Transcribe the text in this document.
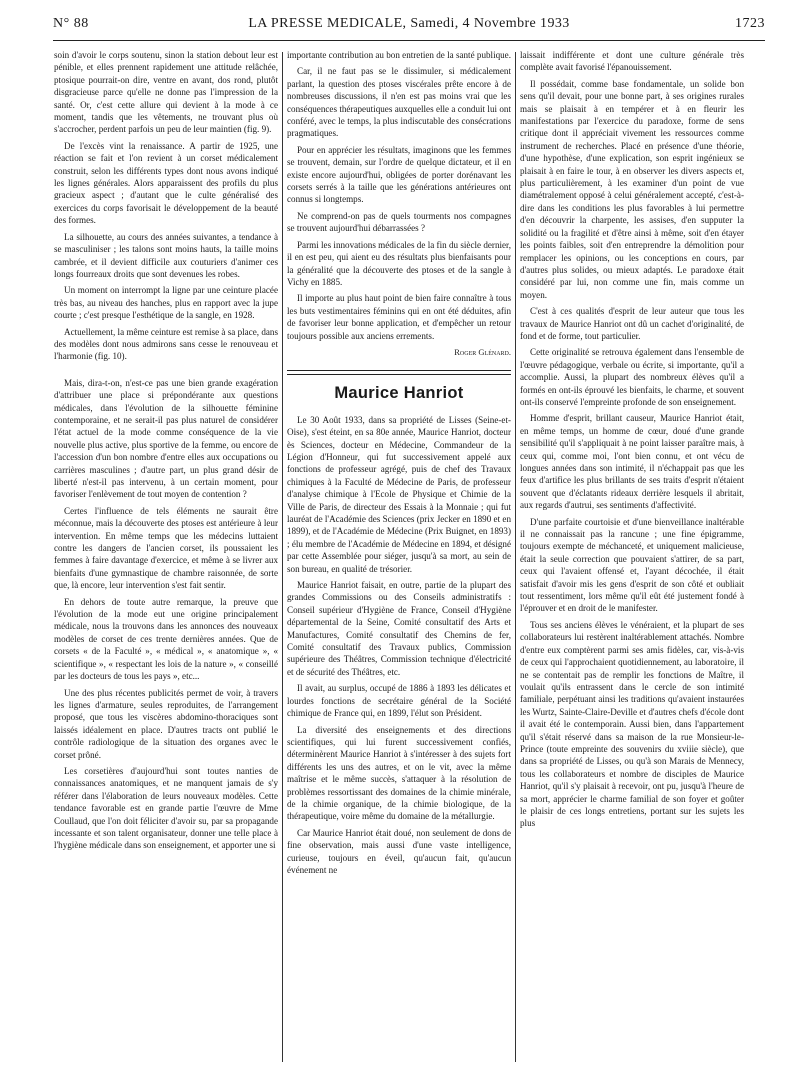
N° 88	LA PRESSE MEDICALE, Samedi, 4 Novembre 1933	1723

soin d'avoir le corps soutenu, sinon la station debout leur est pénible, et elles prennent rapidement une attitude relâchée, ptosique pourrait-on dire, ventre en avant, dos rond, plutôt disgracieuse parce qu'elle ne donne pas l'impression de la santé. Or, c'est cette allure qui devient à la mode à ce moment, tandis que les vêtements, ne trouvant plus où s'accrocher, perdent parfois un peu de leur maintien (fig. 9).

De l'excès vint la renaissance. A partir de 1925, une réaction se fait et l'on revient à un corset médicalement construit, selon les différents types dont nous avons indiqué les lignes générales. Alors apparaissent des profils du plus gracieux aspect ; d'autant que le culte généralisé des exercices du corps favorisait le développement de la beauté des formes.

La silhouette, au cours des années suivantes, a tendance à se masculiniser ; les talons sont moins hauts, la taille moins cambrée, et il devient difficile aux couturiers d'animer ces longs fourreaux droits que sont devenues les robes.

Un moment on interrompt la ligne par une ceinture placée très bas, au niveau des hanches, plus en rapport avec la jupe courte ; c'est presque l'esthétique de la sangle, en 1928.

Actuellement, la même ceinture est remise à sa place, dans des modèles dont nous admirons sans cesse le renouveau et l'harmonie (fig. 10).

Mais, dira-t-on, n'est-ce pas une bien grande exagération d'attribuer une place si prépondérante aux questions médicales, dans l'évolution de la silhouette féminine contemporaine, et ne serait-il pas plus naturel de considérer l'état actuel de la mode comme conséquence de la vie nouvelle plus active, plus sportive de la femme, ou encore de l'accession d'un bon nombre d'entre elles aux occupations ou carrières masculines ; d'autre part, un plus grand désir de liberté n'est-il pas intervenu, à un certain moment, pour favoriser l'enlèvement de tout moyen de contention ?

Certes l'influence de tels éléments ne saurait être méconnue, mais la découverte des ptoses est antérieure à leur intervention. En même temps que les médecins luttaient contre les dangers de l'ancien corset, ils poussaient les femmes à faire davantage d'exercice, et même à se livrer aux bienfaits d'une gymnastique de chambre raisonnée, de sorte que, là encore, leur intervention s'est fait sentir.

En dehors de toute autre remarque, la preuve que l'évolution de la mode eut une origine principalement médicale, nous la trouvons dans les annonces des nouveaux modèles de corset de ces trente dernières années. Que de corsets « de la Faculté », « médical », « anatomique », « scientifique », « respectant les lois de la nature », « conseillé par les docteurs de tous les pays », etc...

Une des plus récentes publicités permet de voir, à travers les lignes d'armature, seules reproduites, de l'arrangement proposé, que tous les viscères abdomino-thoraciques sont laissés idéalement en place. D'autres tracts ont publié le contrôle radiologique de la situation des organes avec le corset prôné.

Les corsetières d'aujourd'hui sont toutes nanties de connaissances anatomiques, et ne manquent jamais de s'y référer dans l'élaboration de leurs nouveaux modèles. Cette tendance favorable est en grande partie l'œuvre de Mme Coullaud, que l'on doit féliciter d'avoir su, par sa propagande incessante et son talent organisateur, donner une telle place à l'hygiène médicale dans son enseignement, et apporter une si

importante contribution au bon entretien de la santé publique.

Car, il ne faut pas se le dissimuler, si médicalement parlant, la question des ptoses viscérales prête encore à de nombreuses discussions, il n'en est pas moins vrai que les conséquences thérapeutiques auxquelles elle a conduit lui ont conféré, avec le temps, la plus indiscutable des consécrations pragmatiques.

Pour en apprécier les résultats, imaginons que les femmes se trouvent, demain, sur l'ordre de quelque dictateur, et il en existe encore aujourd'hui, obligées de porter dorénavant les corsets serrés à la taille que les générations antérieures ont connus si longtemps.

Ne comprend-on pas de quels tourments nos compagnes se trouvent aujourd'hui débarrassées ?

Parmi les innovations médicales de la fin du siècle dernier, il en est peu, qui aient eu des résultats plus bienfaisants pour la généralité que la découverte des ptoses et de la sangle à Vichy en 1885.

Il importe au plus haut point de bien faire connaître à tous les buts vestimentaires féminins qui en ont été déduites, afin de favoriser leur bonne application, et d'empêcher un retour toujours possible aux anciens errements.

Roger Glénard.
Maurice Hanriot

Le 30 Août 1933, dans sa propriété de Lisses (Seine-et-Oise), s'est éteint, en sa 80e année, Maurice Hanriot, docteur ès Sciences, docteur en Médecine, Commandeur de la Légion d'Honneur, qui fut successivement appelé aux fonctions de professeur agrégé, puis de chef des Travaux chimiques à la Faculté de Médecine de Paris, de professeur d'analyse chimique à l'Ecole de Physique et Chimie de la Ville de Paris, de directeur des Essais à la Monnaie ; qui fut lauréat de l'Académie des Sciences (prix Jecker en 1890 et en 1899), et de l'Académie de Médecine (Prix Buignet, en 1893) ; élu membre de l'Académie de Médecine en 1894, et désigné par cette Assemblée pour siéger, jusqu'à sa mort, au sein de son bureau, en qualité de trésorier.

Maurice Hanriot faisait, en outre, partie de la plupart des grandes Commissions ou des Conseils administratifs : Conseil supérieur d'Hygiène de France, Conseil d'Hygiène départemental de la Seine, Comité consultatif des Arts et Manufactures, Comité consultatif des Chemins de fer, Comité consultatif des Travaux publics, Commission supérieure des Théâtres, Commission technique d'électricité et de sécurité des Théâtres, etc.

Il avait, au surplus, occupé de 1886 à 1893 les délicates et lourdes fonctions de secrétaire général de la Société chimique de France qui, en 1899, l'élut son Président.

La diversité des enseignements et des directions scientifiques, qui lui furent successivement confiés, déterminèrent Maurice Hanriot à s'intéresser à des sujets fort différents les uns des autres, et on le vit, avec la même maîtrise et le même succès, s'attaquer à la résolution de problèmes ressortissant des domaines de la chimie minérale, de la chimie organique, de la chimie biologique, de la thérapeutique, voire même du domaine de la métallurgie.

Car Maurice Hanriot était doué, non seulement de dons de fine observation, mais aussi d'une vaste intelligence, curieuse, toujours en éveil, qu'aucun fait, qu'aucun événement ne

laissait indifférente et dont une culture générale très complète avait favorisé l'épanouissement.

Il possédait, comme base fondamentale, un solide bon sens qu'il devait, pour une bonne part, à ses origines rurales mais se plaisait à en tempérer et à en fleurir les manifestations par l'exercice du paradoxe, forme de sens critique dont il appréciait vivement les ressources comme instrument de recherches. Placé en présence d'une théorie, d'une hypothèse, d'une explication, son esprit ingénieux se plaisait à en faire le tour, à en observer les divers aspects et, plus particulièrement, à les examiner d'un point de vue diamétralement opposé à celui généralement accepté, c'est-à-dire dans les conditions les plus favorables à lui permettre d'en découvrir la charpente, les assises, d'en supputer la solidité ou la fragilité et d'être ainsi à même, soit d'en étayer les points faibles, soit d'en entreprendre la démolition pour remplacer les opinions, ou les conceptions en cours, par d'autres plus solides, ou mieux adaptés. Le paradoxe était considéré par lui, non comme une fin, mais comme un moyen.

C'est à ces qualités d'esprit de leur auteur que tous les travaux de Maurice Hanriot ont dû un cachet d'originalité, de fond et de forme, tout particulier.

Cette originalité se retrouva également dans l'ensemble de l'œuvre pédagogique, verbale ou écrite, si importante, qu'il a accomplie. Aussi, la plupart des nombreux élèves qu'il a formés en ont-ils éprouvé les bienfaits, le charme, et souvent ont-ils conservé l'empreinte profonde de son enseignement.

Homme d'esprit, brillant causeur, Maurice Hanriot était, en même temps, un homme de cœur, doué d'une grande sensibilité qu'il s'appliquait à ne point laisser paraître mais, à ceux qui, comme moi, l'ont bien connu, et ont vécu de longues années dans son intimité, il n'échappait pas que les feux d'artifice les plus brillants de ses traits d'esprit n'étaient souvent que d'éclatants rideaux derrière lesquels il abritait, aux regards d'autrui, ses sentiments d'affectivité.

D'une parfaite courtoisie et d'une bienveillance inaltérable il ne connaissait pas la rancune ; une fine épigramme, toujours exempte de méchanceté, et uniquement malicieuse, était la seule correction que pouvaient s'attirer, de sa part, ceux qui l'avaient offensé et, l'ayant décochée, il était satisfait d'avoir mis les gens d'esprit de son côté et oubliait tout ressentiment, lors même qu'il eût été justement fondé à l'éprouver et en droit de le manifester.

Tous ses anciens élèves le vénéraient, et la plupart de ses collaborateurs lui restèrent inaltérablement attachés. Nombre d'entre eux comptèrent parmi ses amis fidèles, car, vis-à-vis de ceux qui l'approchaient quotidiennement, au laboratoire, il ne se contentait pas de remplir les fonctions de Maître, il voulait qu'ils entrassent dans le cercle de son intimité familiale, perpétuant ainsi les traditions qu'avaient instaurées les Wurtz, Sainte-Claire-Deville et d'autres chefs d'école dont il avait été le contemporain. Aussi bien, dans l'appartement qu'il s'était réservé dans sa maison de la rue Monsieur-le-Prince (toute empreinte des souvenirs du xviiie siècle), que dans sa propriété de Lisses, ou qu'à son Marais de Mennecy, tous les collaborateurs et nombre de disciples de Maurice Hanriot, qu'il s'y plaisait à recevoir, ont pu, jusqu'à l'heure de sa mort, apprécier le charme familial de son foyer et goûter le plaisir de ces longs entretiens, portant sur les sujets les plus
